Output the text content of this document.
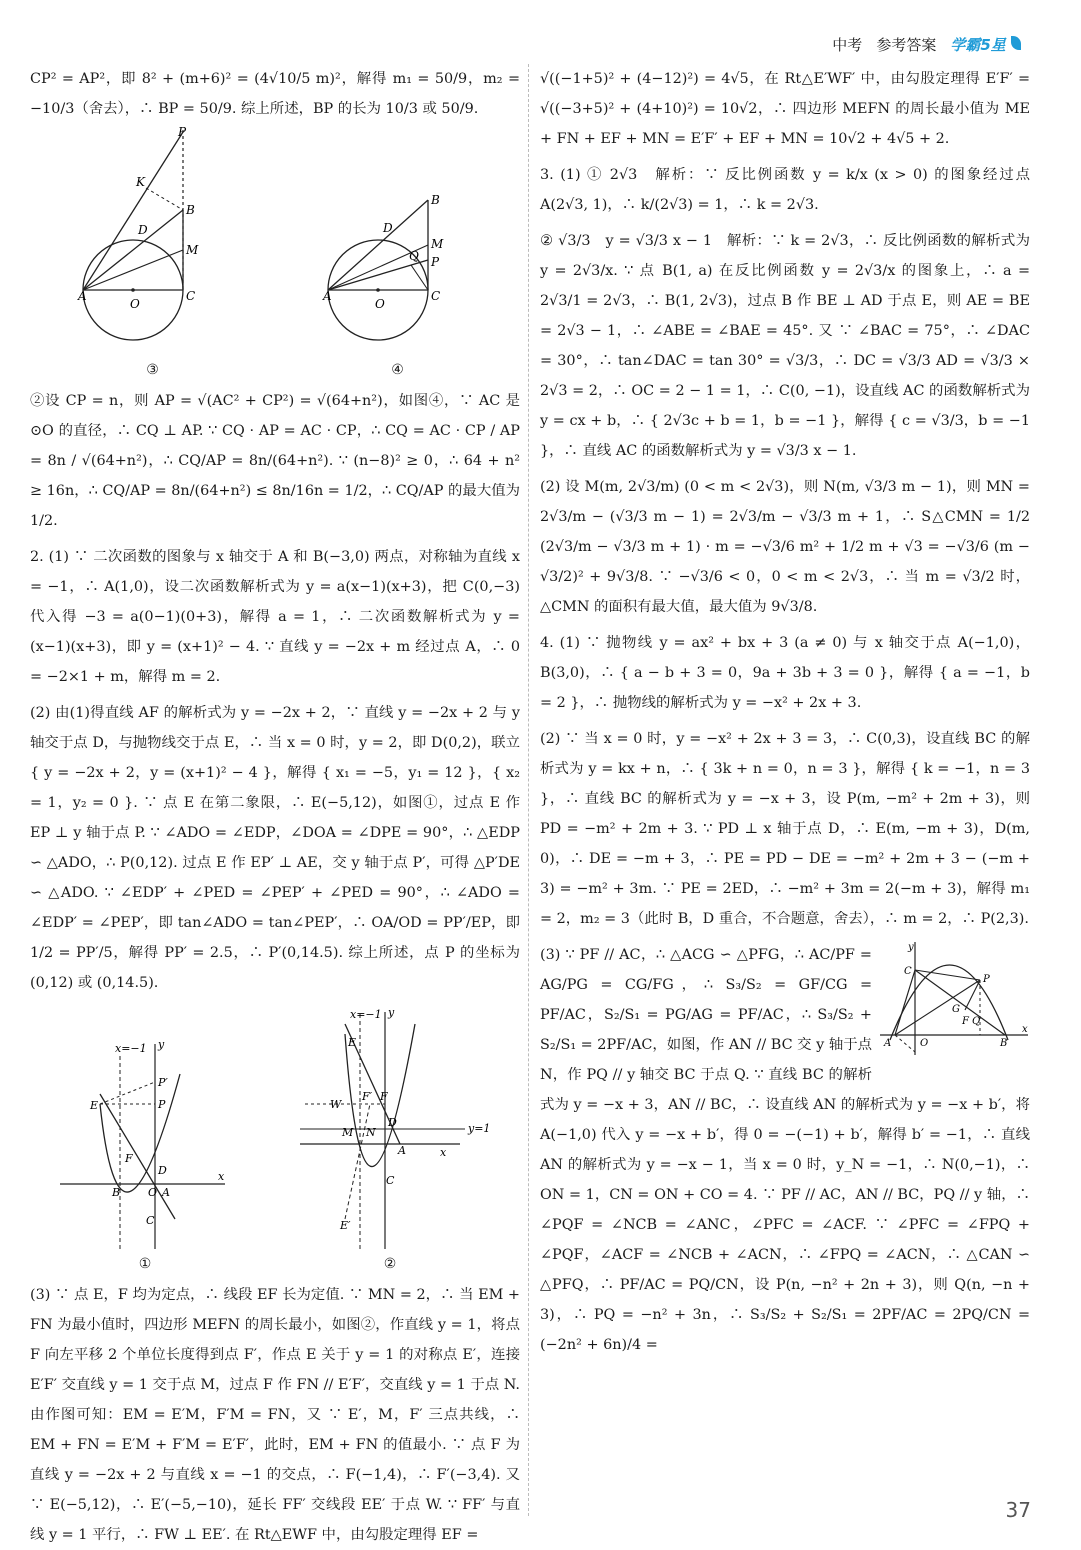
中考 参考答案 学霸5星

CP² = AP²，即 8² + (m+6)² = (4√10/5 m)²，解得 m₁ = 50/9，m₂ = −10/3（舍去），∴ BP = 50/9. 综上所述，BP 的长为 10/3 或 50/9.

P
K
B
D
M
A	C
O
③
B
D
M
Q P
A	C
O
④

②设 CP = n，则 AP = √(AC² + CP²) = √(64+n²)，如图④，∵ AC 是⊙O 的直径，∴ CQ ⊥ AP. ∵ CQ · AP = AC · CP，∴ CQ = AC · CP / AP = 8n / √(64+n²)，∴ CQ/AP = 8n/(64+n²). ∵ (n−8)² ≥ 0，∴ 64 + n² ≥ 16n，∴ CQ/AP = 8n/(64+n²) ≤ 8n/16n = 1/2，∴ CQ/AP 的最大值为 1/2.

2. (1) ∵ 二次函数的图象与 x 轴交于 A 和 B(−3,0) 两点，对称轴为直线 x = −1，∴ A(1,0)，设二次函数解析式为 y = a(x−1)(x+3)，把 C(0,−3) 代入得 −3 = a(0−1)(0+3)，解得 a = 1，∴ 二次函数解析式为 y = (x−1)(x+3)，即 y = (x+1)² − 4. ∵ 直线 y = −2x + m 经过点 A，∴ 0 = −2×1 + m，解得 m = 2.

(2) 由(1)得直线 AF 的解析式为 y = −2x + 2，∵ 直线 y = −2x + 2 与 y 轴交于点 D，与抛物线交于点 E，∴ 当 x = 0 时，y = 2，即 D(0,2)，联立 { y = −2x + 2，y = (x+1)² − 4 }，解得 { x₁ = −5，y₁ = 12 }，{ x₂ = 1，y₂ = 0 }. ∵ 点 E 在第二象限，∴ E(−5,12)，如图①，过点 E 作 EP ⊥ y 轴于点 P. ∵ ∠ADO = ∠EDP，∠DOA = ∠DPE = 90°，∴ △EDP ∽ △ADO，∴ P(0,12). 过点 E 作 EP′ ⊥ AE，交 y 轴于点 P′，可得 △P′DE ∽ △ADO. ∵ ∠EDP′ + ∠PED = ∠PEP′ + ∠PED = 90°，∴ ∠ADO = ∠EDP′ = ∠PEP′，即 tan∠ADO = tan∠PEP′，∴ OA/OD = PP′/EP，即 1/2 = PP′/5，解得 PP′ = 2.5，∴ P′(0,14.5). 综上所述，点 P 的坐标为 (0,12) 或 (0,14.5).

x=−1 y
P′
P
E
F
D
B	O A
x
C
①
x=−1 y
E
W
F′ F
M N
D
A
y=1
x
E′
C
②

(3) ∵ 点 E，F 均为定点，∴ 线段 EF 长为定值. ∵ MN = 2，∴ 当 EM + FN 为最小值时，四边形 MEFN 的周长最小，如图②，作直线 y = 1，将点 F 向左平移 2 个单位长度得到点 F′，作点 E 关于 y = 1 的对称点 E′，连接 E′F′ 交直线 y = 1 交于点 M，过点 F 作 FN // E′F′，交直线 y = 1 于点 N. 由作图可知：EM = E′M，F′M = FN，又 ∵ E′，M，F′ 三点共线，∴ EM + FN = E′M + F′M = E′F′，此时，EM + FN 的值最小. ∵ 点 F 为直线 y = −2x + 2 与直线 x = −1 的交点，∴ F(−1,4)，∴ F′(−3,4). 又 ∵ E(−5,12)，∴ E′(−5,−10)，延长 FF′ 交线段 EE′ 于点 W. ∵ FF′ 与直线 y = 1 平行，∴ FW ⊥ EE′. 在 Rt△EWF 中，由勾股定理得 EF =

√((−1+5)² + (4−12)²) = 4√5，在 Rt△E′WF′ 中，由勾股定理得 E′F′ = √((−3+5)² + (4+10)²) = 10√2，∴ 四边形 MEFN 的周长最小值为 ME + FN + EF + MN = E′F′ + EF + MN = 10√2 + 4√5 + 2.

3. (1) ① 2√3　解析：∵ 反比例函数 y = k/x (x > 0) 的图象经过点 A(2√3, 1)，∴ k/(2√3) = 1，∴ k = 2√3.

② √3/3　y = √3/3 x − 1　解析：∵ k = 2√3，∴ 反比例函数的解析式为 y = 2√3/x. ∵ 点 B(1, a) 在反比例函数 y = 2√3/x 的图象上，∴ a = 2√3/1 = 2√3，∴ B(1, 2√3)，过点 B 作 BE ⊥ AD 于点 E，则 AE = BE = 2√3 − 1，∴ ∠ABE = ∠BAE = 45°. 又 ∵ ∠BAC = 75°，∴ ∠DAC = 30°，∴ tan∠DAC = tan 30° = √3/3，∴ DC = √3/3 AD = √3/3 × 2√3 = 2，∴ OC = 2 − 1 = 1，∴ C(0, −1)，设直线 AC 的函数解析式为 y = cx + b，∴ { 2√3c + b = 1，b = −1 }，解得 { c = √3/3，b = −1 }，∴ 直线 AC 的函数解析式为 y = √3/3 x − 1.

(2) 设 M(m, 2√3/m) (0 < m < 2√3)，则 N(m, √3/3 m − 1)，则 MN = 2√3/m − (√3/3 m − 1) = 2√3/m − √3/3 m + 1，∴ S△CMN = 1/2 (2√3/m − √3/3 m + 1) · m = −√3/6 m² + 1/2 m + √3 = −√3/6 (m − √3/2)² + 9√3/8. ∵ −√3/6 < 0，0 < m < 2√3，∴ 当 m = √3/2 时，△CMN 的面积有最大值，最大值为 9√3/8.

4. (1) ∵ 抛物线 y = ax² + bx + 3 (a ≠ 0) 与 x 轴交于点 A(−1,0)，B(3,0)，∴ { a − b + 3 = 0，9a + 3b + 3 = 0 }，解得 { a = −1，b = 2 }，∴ 抛物线的解析式为 y = −x² + 2x + 3.

(2) ∵ 当 x = 0 时，y = −x² + 2x + 3 = 3，∴ C(0,3)，设直线 BC 的解析式为 y = kx + n，∴ { 3k + n = 0，n = 3 }，解得 { k = −1，n = 3 }，∴ 直线 BC 的解析式为 y = −x + 3，设 P(m, −m² + 2m + 3)，则 PD = −m² + 2m + 3. ∵ PD ⊥ x 轴于点 D，∴ E(m, −m + 3)，D(m, 0)，∴ DE = −m + 3，∴ PE = PD − DE = −m² + 2m + 3 − (−m + 3) = −m² + 3m. ∵ PE = 2ED，∴ −m² + 3m = 2(−m + 3)，解得 m₁ = 2，m₂ = 3（此时 B，D 重合，不合题意，舍去），∴ m = 2，∴ P(2,3).

y
C
P
G
F Q
A	O	B
x

(3) ∵ PF // AC，∴ △ACG ∽ △PFG，∴ AC/PF = AG/PG = CG/FG，∴ S₃/S₂ = GF/CG = PF/AC，S₂/S₁ = PG/AG = PF/AC，∴ S₃/S₂ + S₂/S₁ = 2PF/AC，如图，作 AN // BC 交 y 轴于点 N，作 PQ // y 轴交 BC 于点 Q. ∵ 直线 BC 的解析式为 y = −x + 3，AN // BC，∴ 设直线 AN 的解析式为 y = −x + b′，将 A(−1,0) 代入 y = −x + b′，得 0 = −(−1) + b′，解得 b′ = −1，∴ 直线 AN 的解析式为 y = −x − 1，当 x = 0 时，y_N = −1，∴ N(0,−1)，∴ ON = 1，CN = ON + CO = 4. ∵ PF // AC，AN // BC，PQ // y 轴，∴ ∠PQF = ∠NCB = ∠ANC，∠PFC = ∠ACF. ∵ ∠PFC = ∠FPQ + ∠PQF，∠ACF = ∠NCB + ∠ACN，∴ ∠FPQ = ∠ACN，∴ △CAN ∽ △PFQ，∴ PF/AC = PQ/CN，设 P(n, −n² + 2n + 3)，则 Q(n, −n + 3)，∴ PQ = −n² + 3n，∴ S₃/S₂ + S₂/S₁ = 2PF/AC = 2PQ/CN = (−2n² + 6n)/4 =

37
